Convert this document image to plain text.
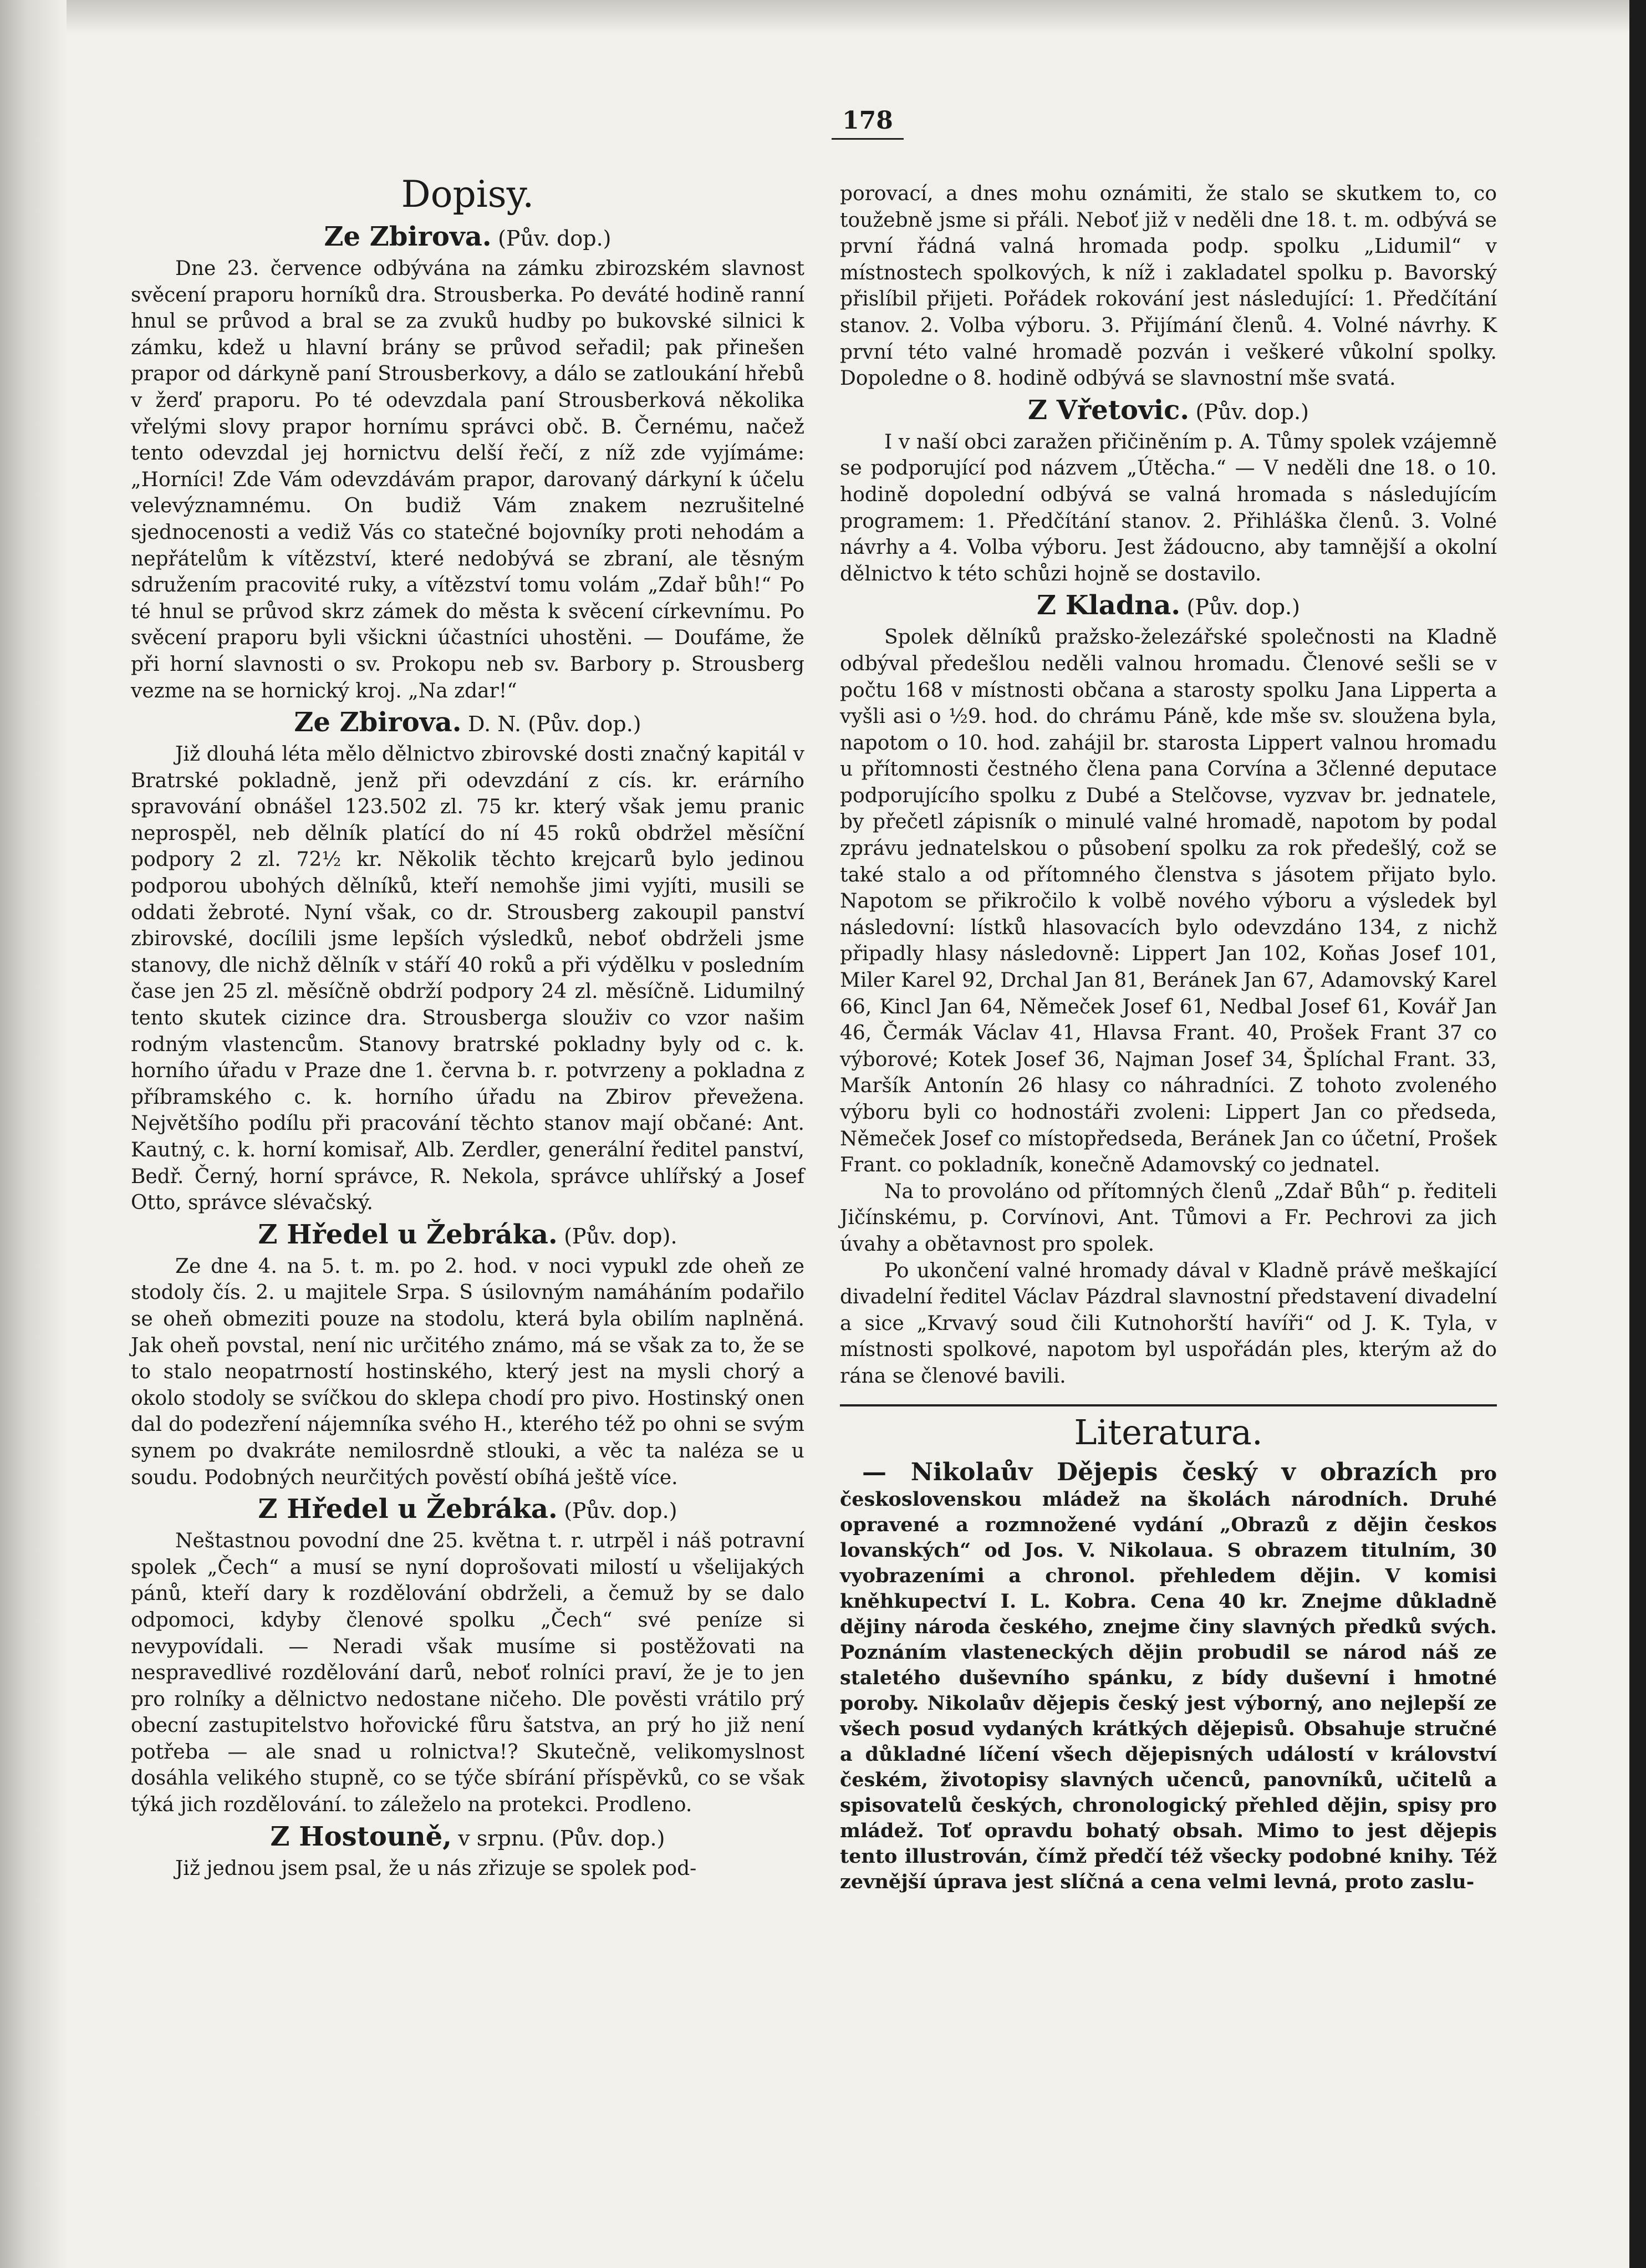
178
Dopisy.
Ze Zbirova. (Pův. dop.)

Dne 23. července odbývána na zámku zbirozském slavnost svěcení praporu horníků dra. Strousberka. Po deváté hodině ranní hnul se průvod a bral se za zvuků hudby po bukovské silnici k zámku, kdež u hlavní brány se průvod seřadil; pak přinešen prapor od dárkyně paní Strousberkovy, a dálo se zatloukání hřebů v žerď praporu. Po té odevzdala paní Strousberková několika vřelými slovy prapor hornímu správci obč. B. Černému, načež tento odevzdal jej hornictvu delší řečí, z níž zde vyjímáme: „Horníci! Zde Vám odevzdávám prapor, darovaný dárkyní k účelu velevýznamnému. On budiž Vám znakem nezrušitelné sjednocenosti a vediž Vás co statečné bojovníky proti nehodám a nepřátelům k vítězství, které nedobývá se zbraní, ale těsným sdružením pracovité ruky, a vítězství tomu volám „Zdař bůh!“ Po té hnul se průvod skrz zámek do města k svěcení církevnímu. Po svěcení praporu byli všickni účastníci uhostěni. — Doufáme, že při horní slavnosti o sv. Prokopu neb sv. Barbory p. Strousberg vezme na se hornický kroj. „Na zdar!“

Ze Zbirova. D. N. (Pův. dop.)

Již dlouhá léta mělo dělnictvo zbirovské dosti značný kapitál v Bratrské pokladně, jenž při odevzdání z cís. kr. erárního spravování obnášel 123.502 zl. 75 kr. který však jemu pranic neprospěl, neb dělník platící do ní 45 roků obdržel měsíční podpory 2 zl. 72½ kr. Několik těchto krejcarů bylo jedinou podporou ubohých dělníků, kteří nemohše jimi vyjíti, musili se oddati žebroté. Nyní však, co dr. Strousberg zakoupil panství zbirovské, docílili jsme lepších výsledků, neboť obdrželi jsme stanovy, dle nichž dělník v stáří 40 roků a při výdělku v posledním čase jen 25 zl. měsíčně obdrží podpory 24 zl. měsíčně. Lidumilný tento skutek cizince dra. Strousberga slouživ co vzor našim rodným vlastencům. Stanovy bratrské pokladny byly od c. k. horního úřadu v Praze dne 1. června b. r. potvrzeny a pokladna z příbramského c. k. horního úřadu na Zbirov převežena. Největšího podílu při pracování těchto stanov mají občané: Ant. Kautný, c. k. horní komisař, Alb. Zerdler, generální ředitel panství, Bedř. Černý, horní správce, R. Nekola, správce uhlířský a Josef Otto, správce slévačský.

Z Hředel u Žebráka. (Pův. dop).

Ze dne 4. na 5. t. m. po 2. hod. v noci vypukl zde oheň ze stodoly čís. 2. u majitele Srpa. S úsilovným namáháním podařilo se oheň obmeziti pouze na stodolu, která byla obilím naplněná. Jak oheň povstal, není nic určitého známo, má se však za to, že se to stalo neopatrností hostinského, který jest na mysli chorý a okolo stodoly se svíčkou do sklepa chodí pro pivo. Hostinský onen dal do podezření nájemníka svého H., kterého též po ohni se svým synem po dvakráte nemilosrdně stlouki, a věc ta naléza se u soudu. Podobných neurčitých pověstí obíhá ještě více.

Z Hředel u Žebráka. (Pův. dop.)

Neštastnou povodní dne 25. května t. r. utrpěl i náš potravní spolek „Čech“ a musí se nyní doprošovati milostí u všelijakých pánů, kteří dary k rozdělování obdrželi, a čemuž by se dalo odpomoci, kdyby členové spolku „Čech“ své peníze si nevypovídali. — Neradi však musíme si postěžovati na nespravedlivé rozdělování darů, neboť rolníci praví, že je to jen pro rolníky a dělnictvo nedostane ničeho. Dle pověsti vrátilo prý obecní zastupitelstvo hořovické fůru šatstva, an prý ho již není potřeba — ale snad u rolnictva!? Skutečně, velikomyslnost dosáhla velikého stupně, co se týče sbírání příspěvků, co se však týká jich rozdělování. to záleželo na protekci. Prodleno.

Z Hostouně, v srpnu. (Pův. dop.)

Již jednou jsem psal, že u nás zřizuje se spolek pod-

porovací, a dnes mohu oznámiti, že stalo se skutkem to, co toužebně jsme si přáli. Neboť již v neděli dne 18. t. m. odbývá se první řádná valná hromada podp. spolku „Lidumil“ v místnostech spolkových, k níž i zakladatel spolku p. Bavorský přislíbil přijeti. Pořádek rokování jest následující: 1. Předčítání stanov. 2. Volba výboru. 3. Přijímání členů. 4. Volné návrhy. K první této valné hromadě pozván i veškeré vůkolní spolky. Dopoledne o 8. hodině odbývá se slavnostní mše svatá.

Z Vřetovic. (Pův. dop.)

I v naší obci zaražen přičiněním p. A. Tůmy spolek vzájemně se podporující pod názvem „Útěcha.“ — V neděli dne 18. o 10. hodině dopolední odbývá se valná hromada s následujícím programem: 1. Předčítání stanov. 2. Přihláška členů. 3. Volné návrhy a 4. Volba výboru. Jest žádoucno, aby tamnější a okolní dělnictvo k této schůzi hojně se dostavilo.

Z Kladna. (Pův. dop.)

Spolek dělníků pražsko-železářské společnosti na Kladně odbýval předešlou neděli valnou hromadu. Členové sešli se v počtu 168 v místnosti občana a starosty spolku Jana Lipperta a vyšli asi o ½9. hod. do chrámu Páně, kde mše sv. sloužena byla, napotom o 10. hod. zahájil br. starosta Lippert valnou hromadu u přítomnosti čestného člena pana Corvína a 3členné deputace podporujícího spolku z Dubé a Stelčovse, vyzvav br. jednatele, by přečetl zápisník o minulé valné hromadě, napotom by podal zprávu jednatelskou o působení spolku za rok předešlý, což se také stalo a od přítomného členstva s jásotem přijato bylo. Napotom se přikročilo k volbě nového výboru a výsledek byl následovní: lístků hlasovacích bylo odevzdáno 134, z nichž připadly hlasy následovně: Lippert Jan 102, Koňas Josef 101, Miler Karel 92, Drchal Jan 81, Beránek Jan 67, Adamovský Karel 66, Kincl Jan 64, Němeček Josef 61, Nedbal Josef 61, Kovář Jan 46, Čermák Václav 41, Hlavsa Frant. 40, Prošek Frant 37 co výborové; Kotek Josef 36, Najman Josef 34, Šplíchal Frant. 33, Maršík Antonín 26 hlasy co náhradníci. Z tohoto zvoleného výboru byli co hodnostáři zvoleni: Lippert Jan co předseda, Němeček Josef co místopředseda, Beránek Jan co účetní, Prošek Frant. co pokladník, konečně Adamovský co jednatel.

Na to provoláno od přítomných členů „Zdař Bůh“ p. řediteli Jičínskému, p. Corvínovi, Ant. Tůmovi a Fr. Pechrovi za jich úvahy a obětavnost pro spolek.

Po ukončení valné hromady dával v Kladně právě meškající divadelní ředitel Václav Pázdral slavnostní představení divadelní a sice „Krvavý soud čili Kutnohorští havíři“ od J. K. Tyla, v místnosti spolkové, napotom byl uspořádán ples, kterým až do rána se členové bavili.

Literatura.

— Nikolaův Dějepis český v obrazích pro československou mládež na školách národních. Druhé opravené a rozmnožené vydání „Obrazů z dějin českos lovanských“ od Jos. V. Nikolaua. S obrazem titulním, 30 vyobrazeními a chronol. přehledem dějin. V komisi kněhkupectví I. L. Kobra. Cena 40 kr. Znejme důkladně dějiny národa českého, znejme činy slavných předků svých. Poznáním vlasteneckých dějin probudil se národ náš ze staletého duševního spánku, z bídy duševní i hmotné poroby. Nikolaův dějepis český jest výborný, ano nejlepší ze všech posud vydaných krátkých dějepisů. Obsahuje stručné a důkladné líčení všech dějepisných událostí v království českém, životopisy slavných učenců, panovníků, učitelů a spisovatelů českých, chronologický přehled dějin, spisy pro mládež. Toť opravdu bohatý obsah. Mimo to jest dějepis tento illustrován, čímž předčí též všecky podobné knihy. Též zevnější úprava jest slíčná a cena velmi levná, proto zaslu-
